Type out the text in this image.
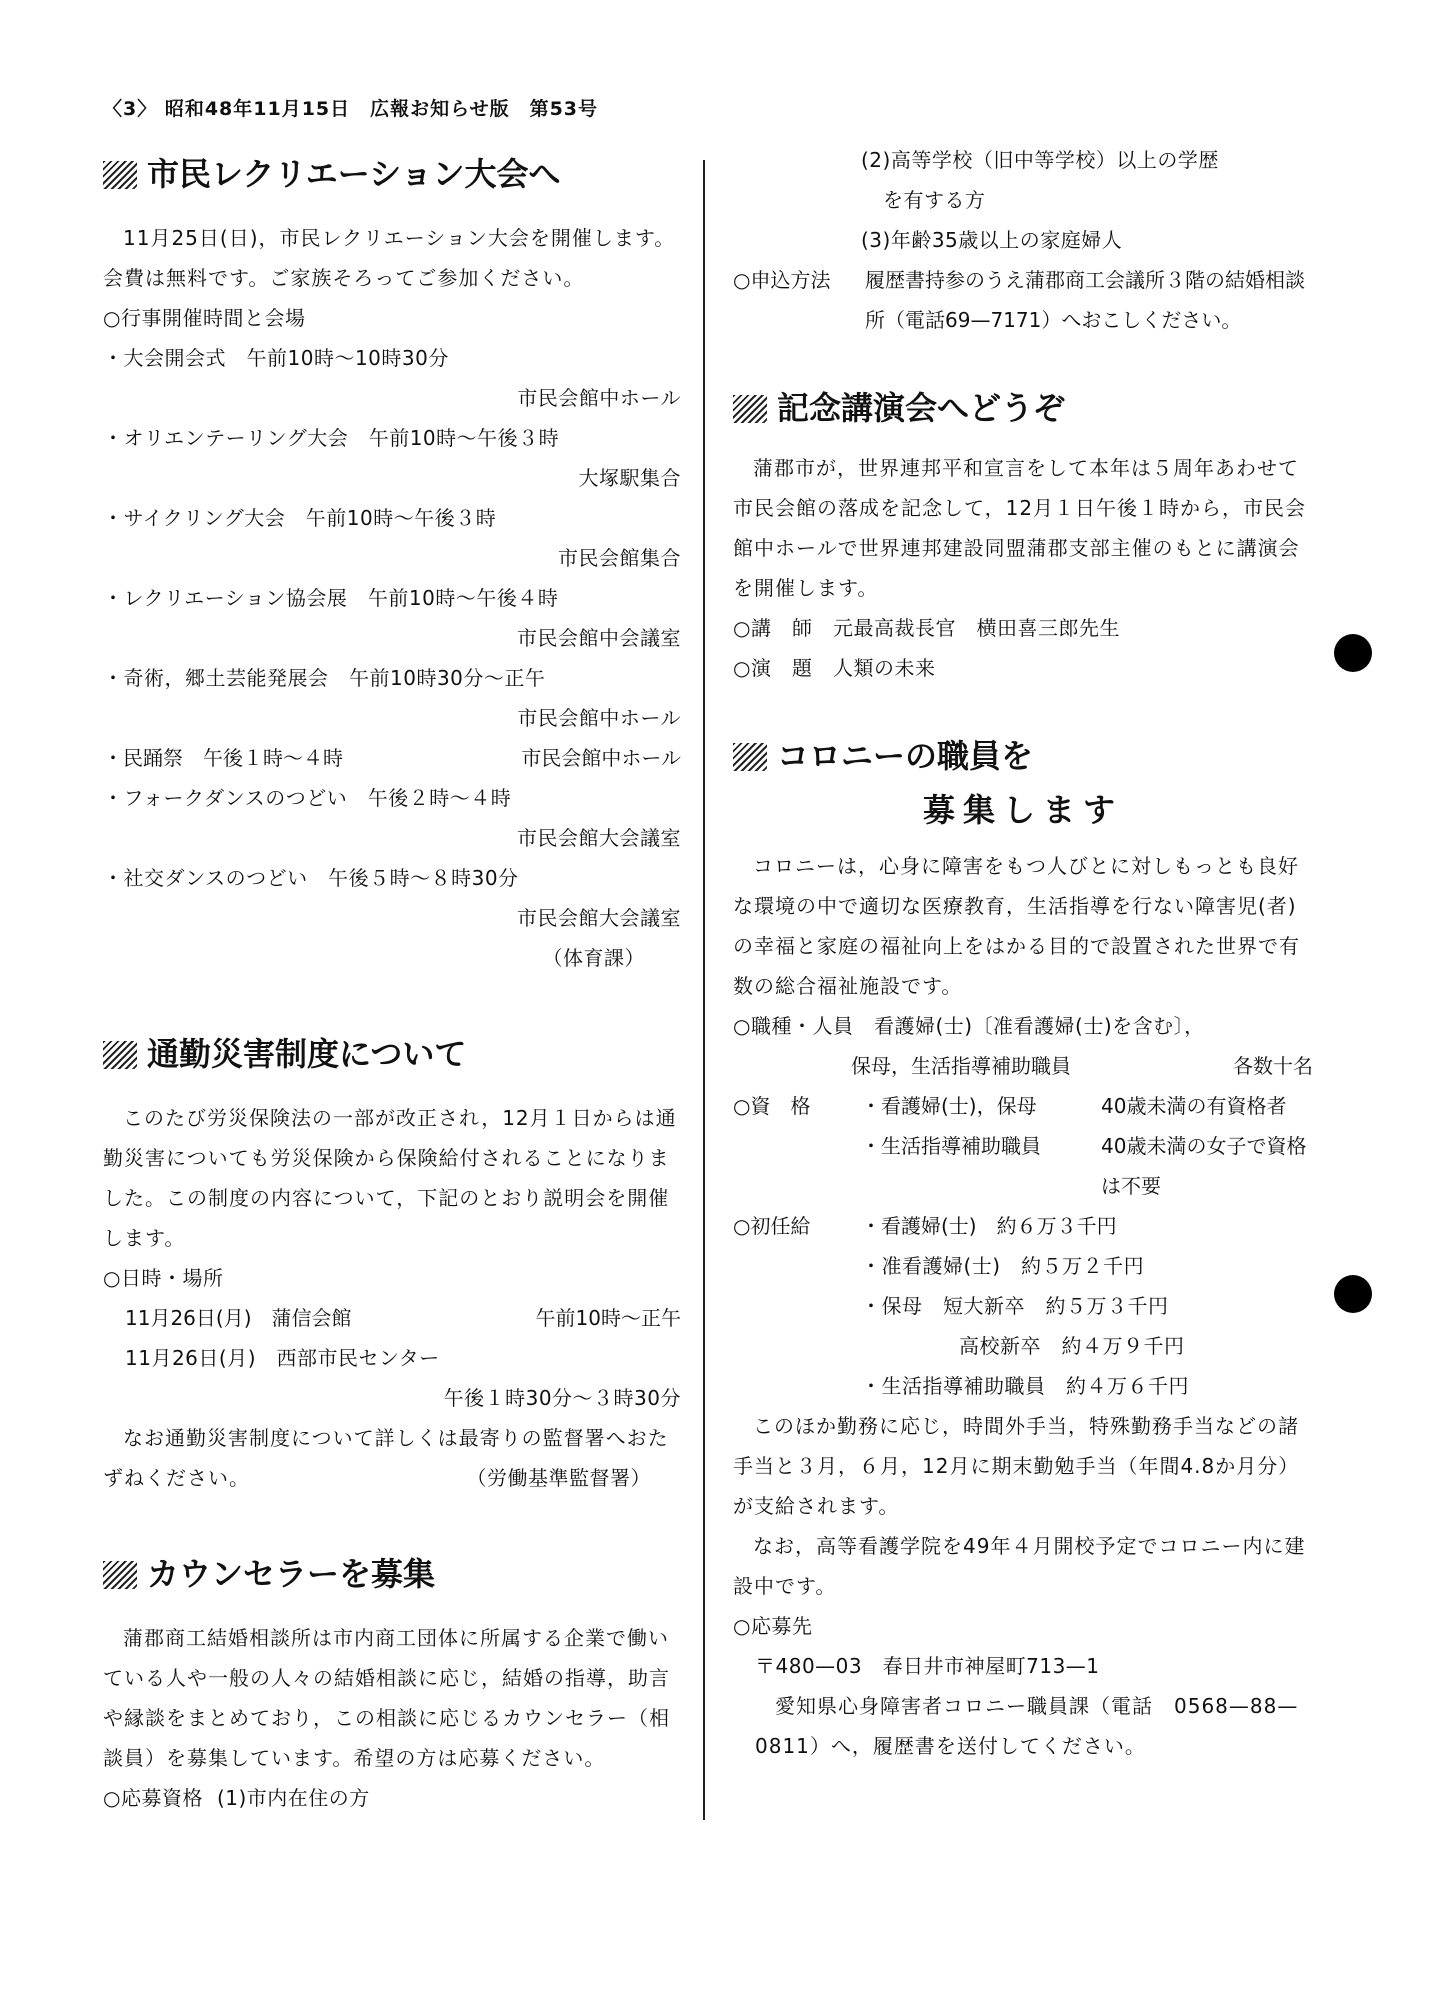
〈3〉 昭和48年11月15日　広報お知らせ版　第53号
市民レクリエーション大会へ

11月25日(日)，市民レクリエーション大会を開催します。会費は無料です。ご家族そろってご参加ください。

○行事開催時間と会場
・大会開会式　午前10時〜10時30分
市民会館中ホール
・オリエンテーリング大会　午前10時〜午後３時
大塚駅集合
・サイクリング大会　午前10時〜午後３時
市民会館集合
・レクリエーション協会展　午前10時〜午後４時
市民会館中会議室
・奇術，郷土芸能発展会　午前10時30分〜正午
市民会館中ホール
・民踊祭　午後１時〜４時	市民会館中ホール
・フォークダンスのつどい　午後２時〜４時
市民会館大会議室
・社交ダンスのつどい　午後５時〜８時30分
市民会館大会議室
（体育課）
通勤災害制度について

このたび労災保険法の一部が改正され，12月１日からは通勤災害についても労災保険から保険給付されることになりました。この制度の内容について，下記のとおり説明会を開催します。

○日時・場所
11月26日(月)　蒲信会館	午前10時〜正午
11月26日(月)　西部市民センター
午後１時30分〜３時30分

なお通勤災害制度について詳しくは最寄りの監督署へおたずねください。	（労働基準監督署）
カウンセラーを募集

蒲郡商工結婚相談所は市内商工団体に所属する企業で働いている人や一般の人々の結婚相談に応じ，結婚の指導，助言や縁談をまとめており，この相談に応じるカウンセラー（相談員）を募集しています。希望の方は応募ください。

○応募資格 (1)市内在住の方
(2)高等学校（旧中等学校）以上の学歴
を有する方
(3)年齢35歳以上の家庭婦人
○申込方法	履歴書持参のうえ蒲郡商工会議所３階の結婚相談所（電話69—7171）へおこしください。
記念講演会へどうぞ

蒲郡市が，世界連邦平和宣言をして本年は５周年あわせて市民会館の落成を記念して，12月１日午後１時から，市民会館中ホールで世界連邦建設同盟蒲郡支部主催のもとに講演会を開催します。

○講　師　元最高裁長官　横田喜三郎先生
○演　題　人類の未来
コロニーの職員を
募集します

コロニーは，心身に障害をもつ人びとに対しもっとも良好な環境の中で適切な医療教育，生活指導を行ない障害児(者)の幸福と家庭の福祉向上をはかる目的で設置された世界で有数の総合福祉施設です。

○職種・人員　看護婦(士)〔准看護婦(士)を含む〕，
保母，生活指導補助職員	各数十名
○資　格	・看護婦(士)，保母	40歳未満の有資格者
・生活指導補助職員	40歳未満の女子で資格は不要
○初任給	・看護婦(士)　約６万３千円
・准看護婦(士)　約５万２千円
・保母　短大新卒　約５万３千円
高校新卒　約４万９千円
・生活指導補助職員　約４万６千円

このほか勤務に応じ，時間外手当，特殊勤務手当などの諸手当と３月，６月，12月に期末勤勉手当（年間4.8か月分）が支給されます。

なお，高等看護学院を49年４月開校予定でコロニー内に建設中です。

○応募先
〒480—03　春日井市神屋町713—1

愛知県心身障害者コロニー職員課（電話　0568—88—0811）へ，履歴書を送付してください。
